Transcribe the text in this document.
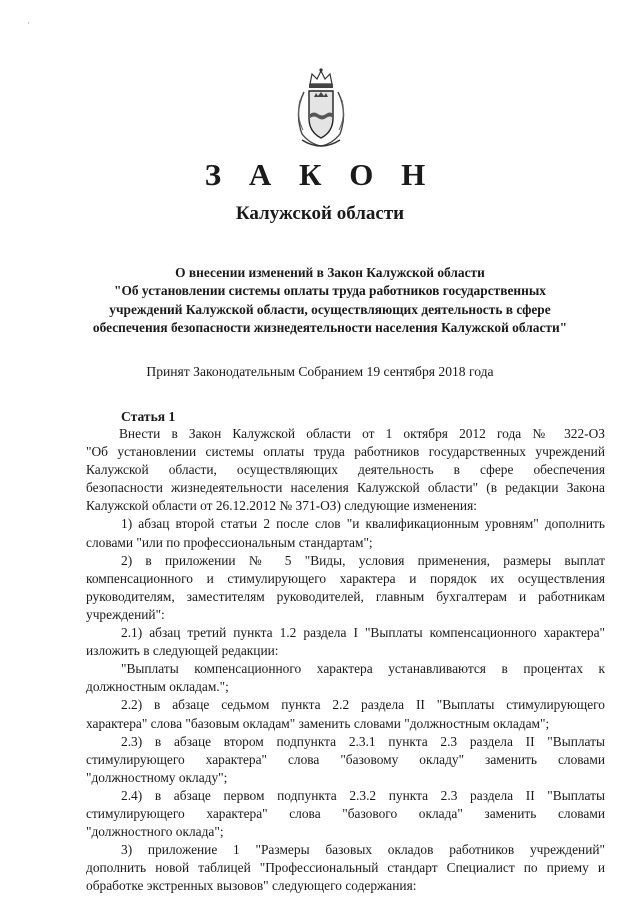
·
З А К О Н
Калужской области
О внесении изменений в Закон Калужской области
"Об установлении системы оплаты труда работников государственных
учреждений Калужской области, осуществляющих деятельность в сфере
обеспечения безопасности жизнедеятельности населения Калужской области"
Принят Законодательным Собранием 19 сентября 2018 года
Статья 1
Внести в Закон Калужской области от 1 октября 2012 года № 322-ОЗ
"Об установлении системы оплаты труда работников государственных учреждений
Калужской области, осуществляющих деятельность в сфере обеспечения
безопасности жизнедеятельности населения Калужской области" (в редакции Закона
Калужской области от 26.12.2012 № 371-ОЗ) следующие изменения:
1) абзац второй статьи 2 после слов "и квалификационным уровням" дополнить
словами "или по профессиональным стандартам";
2) в приложении № 5 "Виды, условия применения, размеры выплат
компенсационного и стимулирующего характера и порядок их осуществления
руководителям, заместителям руководителей, главным бухгалтерам и работникам
учреждений":
2.1) абзац третий пункта 1.2 раздела I "Выплаты компенсационного характера"
изложить в следующей редакции:
"Выплаты компенсационного характера устанавливаются в процентах к
должностным окладам.";
2.2) в абзаце седьмом пункта 2.2 раздела II "Выплаты стимулирующего
характера" слова "базовым окладам" заменить словами "должностным окладам";
2.3) в абзаце втором подпункта 2.3.1 пункта 2.3 раздела II "Выплаты
стимулирующего характера" слова "базовому окладу" заменить словами
"должностному окладу";
2.4) в абзаце первом подпункта 2.3.2 пункта 2.3 раздела II "Выплаты
стимулирующего характера" слова "базового оклада" заменить словами
"должностного оклада";
3) приложение 1 "Размеры базовых окладов работников учреждений"
дополнить новой таблицей "Профессиональный стандарт Специалист по приему и
обработке экстренных вызовов" следующего содержания:
